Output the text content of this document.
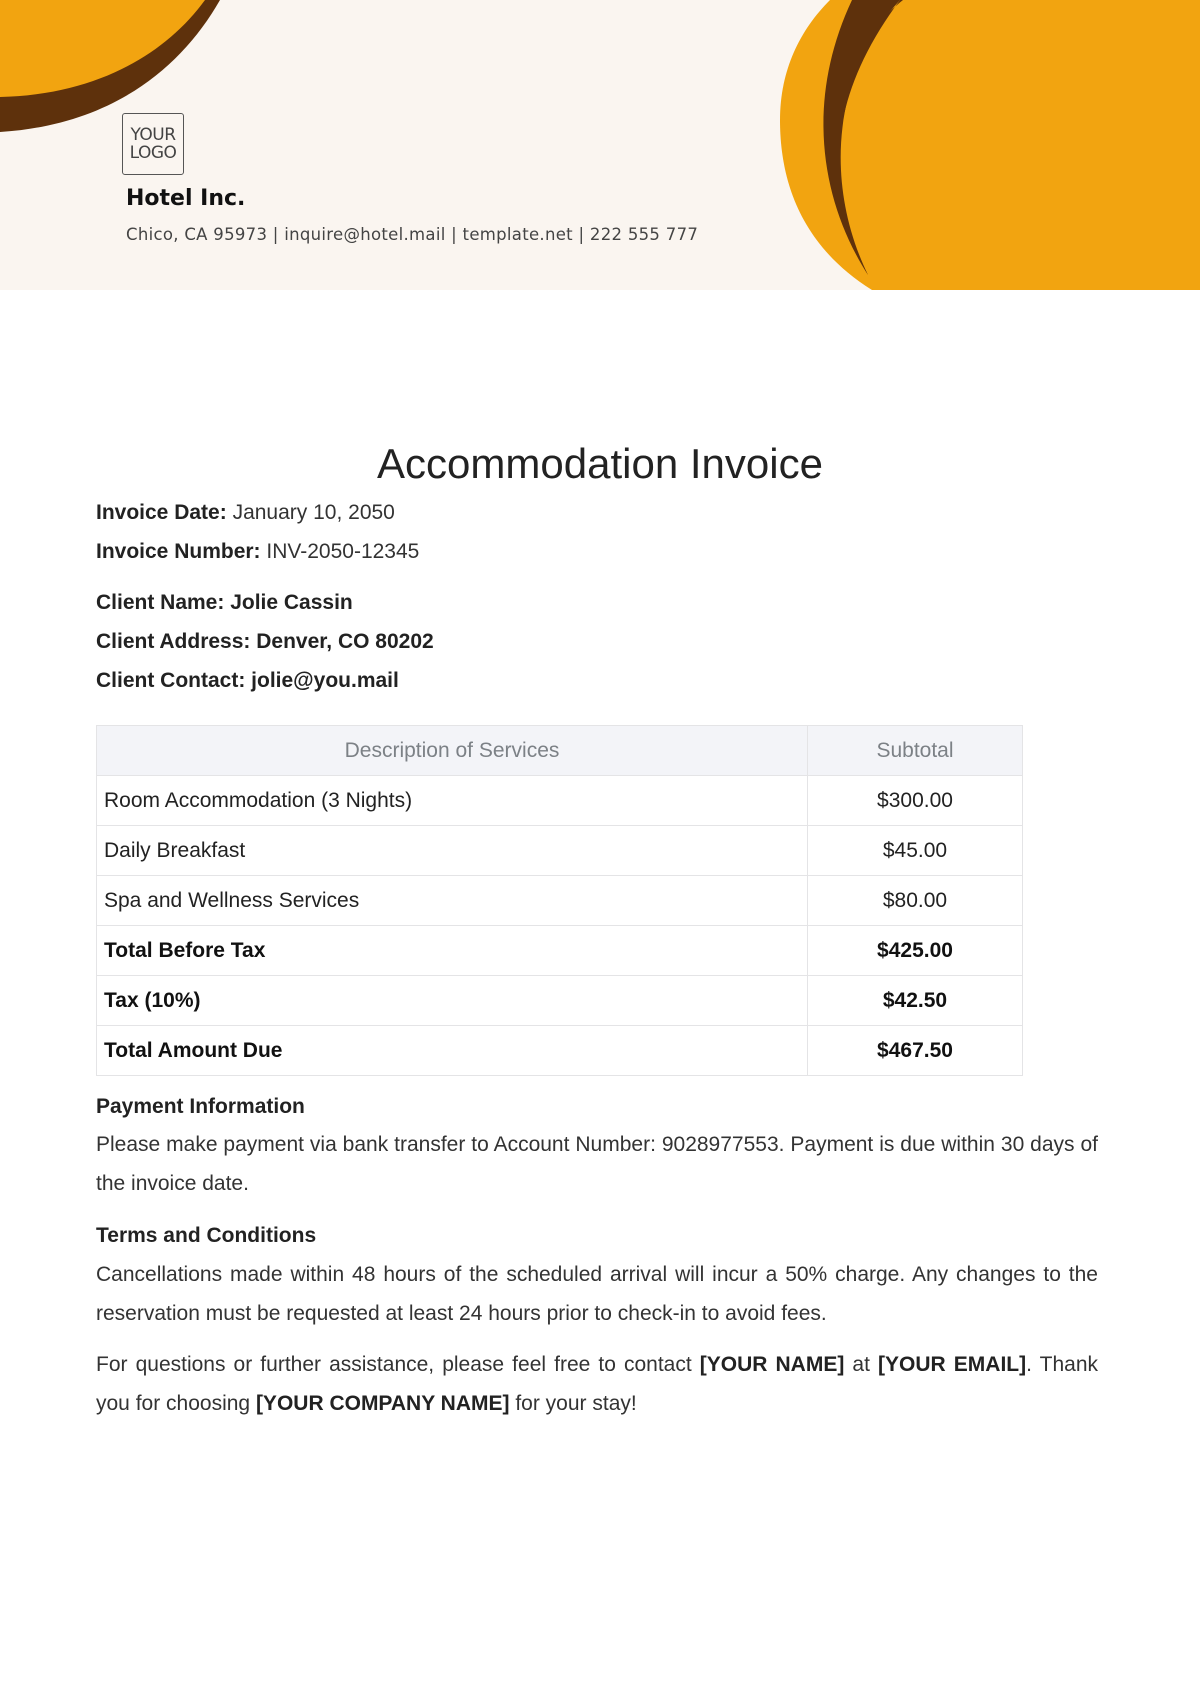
YOUR
LOGO
Hotel Inc.
Chico, CA 95973 | inquire@hotel.mail | template.net | 222 555 777
Accommodation Invoice
Invoice Date: January 10, 2050
Invoice Number: INV-2050-12345
Client Name: Jolie Cassin
Client Address: Denver, CO 80202
Client Contact: jolie@you.mail
Description of Services	Subtotal
Room Accommodation (3 Nights)	$300.00
Daily Breakfast	$45.00
Spa and Wellness Services	$80.00
Total Before Tax	$425.00
Tax (10%)	$42.50
Total Amount Due	$467.50
Payment Information
Please make payment via bank transfer to Account Number: 9028977553. Payment is due within 30 days of the invoice date.
Terms and Conditions
Cancellations made within 48 hours of the scheduled arrival will incur a 50% charge. Any changes to the reservation must be requested at least 24 hours prior to check-in to avoid fees.
For questions or further assistance, please feel free to contact [YOUR NAME] at [YOUR EMAIL]. Thank you for choosing [YOUR COMPANY NAME] for your stay!
